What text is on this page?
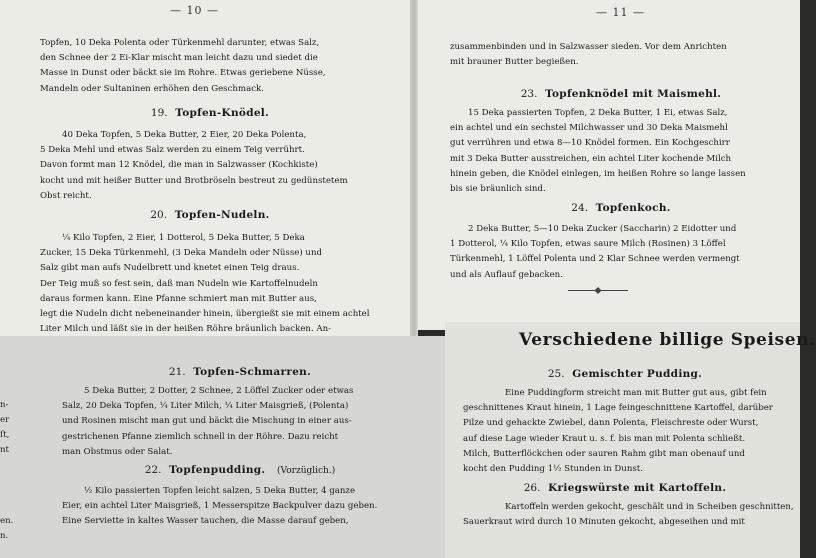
— 10 —
Topfen, 10 Deka Polenta oder Türkenmehl darunter, etwas Salz,
den Schnee der 2 Ei-Klar mischt man leicht dazu und siedet die
Masse in Dunst oder bäckt sie im Rohre. Etwas geriebene Nüsse,
Mandeln oder Sultaninen erhöhen den Geschmack.
19. Topfen-Knödel.
40 Deka Topfen, 5 Deka Butter, 2 Eier, 20 Deka Polenta,
5 Deka Mehl und etwas Salz werden zu einem Teig verrührt.
Davon formt man 12 Knödel, die man in Salzwasser (Kochkiste)
kocht und mit heißer Butter und Brotbröseln bestreut zu gedünstetem
Obst reicht.
20. Topfen-Nudeln.
¼ Kilo Topfen, 2 Eier, 1 Dotterol, 5 Deka Butter, 5 Deka
Zucker, 15 Deka Türkenmehl, (3 Deka Mandeln oder Nüsse) und
Salz gibt man aufs Nudelbrett und knetet einen Teig draus.
Der Teig muß so fest sein, daß man Nudeln wie Kartoffelnudeln
daraus formen kann. Eine Pfanne schmiert man mit Butter aus,
legt die Nudeln dicht nebeneinander hinein, übergießt sie mit einem achtel
Liter Milch und läßt sie in der heißen Röhre bräunlich backen. An-
— 11 —
zusammenbinden und in Salzwasser sieden. Vor dem Anrichten
mit brauner Butter begießen.
23. Topfenknödel mit Maismehl.
15 Deka passierten Topfen, 2 Deka Butter, 1 Ei, etwas Salz,
ein achtel und ein sechstel Milchwasser und 30 Deka Maismehl
gut verrühren und etwa 8—10 Knödel formen. Ein Kochgeschirr
mit 3 Deka Butter ausstreichen, ein achtel Liter kochende Milch
hinein geben, die Knödel einlegen, im heißen Rohre so lange lassen
bis sie bräunlich sind.
24. Topfenkoch.
2 Deka Butter, 5—10 Deka Zucker (Saccharin) 2 Eidotter und
1 Dotterol, ¼ Kilo Topfen, etwas saure Milch (Rosinen) 3 Löffel
Türkenmehl, 1 Löffel Polenta und 2 Klar Schnee werden vermengt
und als Auflauf gebacken.
n-
er
ſt,
nt
en.
n.
21. Topfen-Schmarren.
5 Deka Butter, 2 Dotter, 2 Schnee, 2 Löffel Zucker oder etwas
Salz, 20 Deka Topfen, ¼ Liter Milch, ¼ Liter Maisgrieß, (Polenta)
und Rosinen mischt man gut und bäckt die Mischung in einer aus-
gestrichenen Pfanne ziemlich schnell in der Röhre. Dazu reicht
man Obstmus oder Salat.
22. Topfenpudding. (Vorzüglich.)
½ Kilo passierten Topfen leicht salzen, 5 Deka Butter, 4 ganze
Eier, ein achtel Liter Maisgrieß, 1 Messerspitze Backpulver dazu geben.
Eine Serviette in kaltes Wasser tauchen, die Masse darauf geben,
Verschiedene billige Speisen.
25. Gemischter Pudding.
Eine Puddingform streicht man mit Butter gut aus, gibt fein
geschnittenes Kraut hinein, 1 Lage feingeschnittene Kartoffel, darüber
Pilze und gehackte Zwiebel, dann Polenta, Fleischreste oder Wurst,
auf diese Lage wieder Kraut u. s. f. bis man mit Polenta schließt.
Milch, Butterflöckchen oder sauren Rahm gibt man obenauf und
kocht den Pudding 1½ Stunden in Dunst.
26. Kriegswürste mit Kartoffeln.
Kartoffeln werden gekocht, geschält und in Scheiben geschnitten,
Sauerkraut wird durch 10 Minuten gekocht, abgeseihen und mit
